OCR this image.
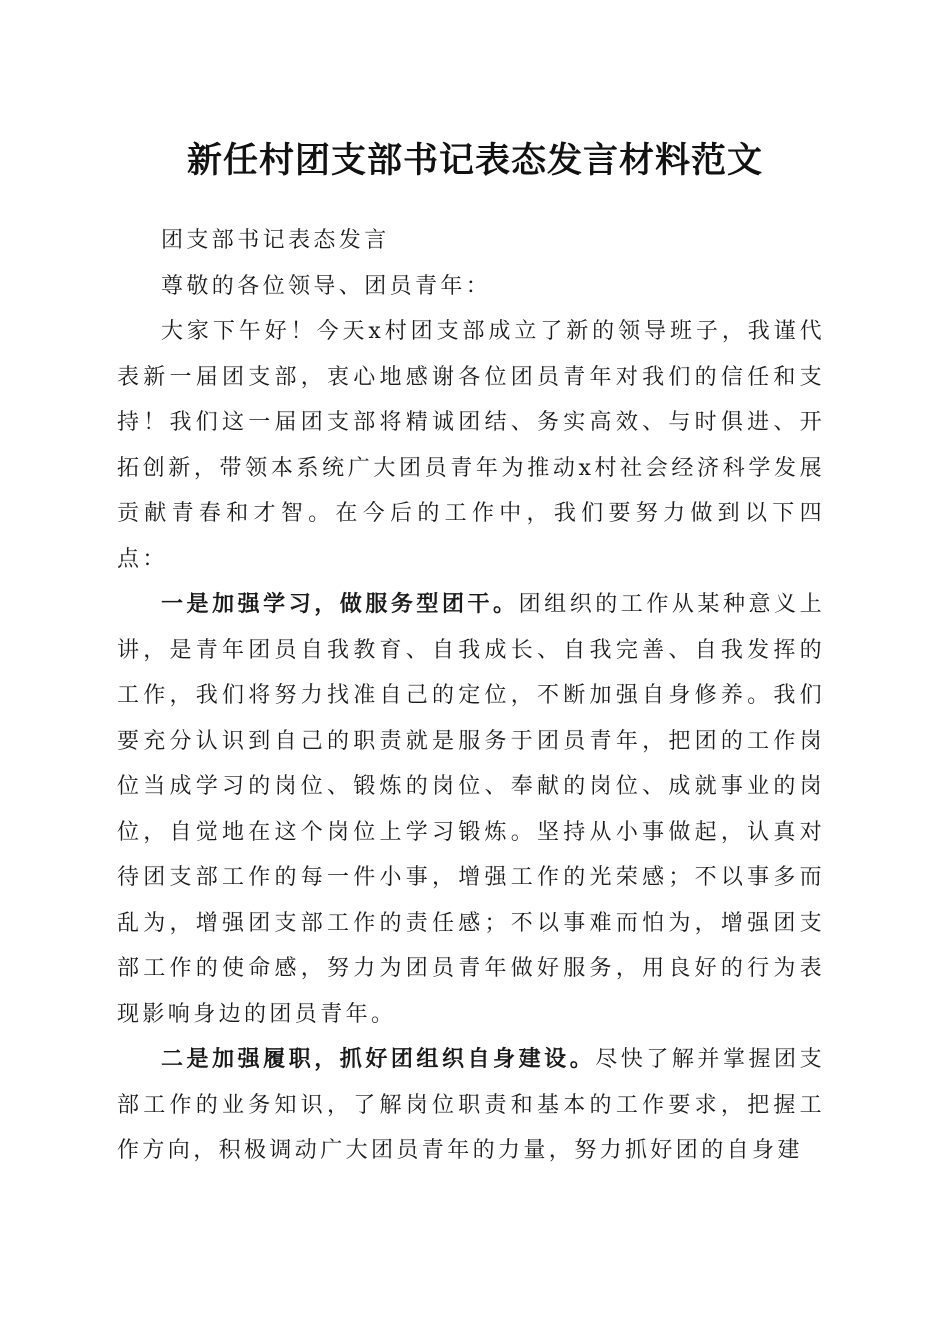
新任村团支部书记表态发言材料范文

团支部书记表态发言

尊敬的各位领导、团员青年：

大家下午好！今天x村团支部成立了新的领导班子，我谨代表新一届团支部，衷心地感谢各位团员青年对我们的信任和支持！我们这一届团支部将精诚团结、务实高效、与时俱进、开拓创新，带领本系统广大团员青年为推动x村社会经济科学发展贡献青春和才智。在今后的工作中，我们要努力做到以下四点：

一是加强学习，做服务型团干。团组织的工作从某种意义上讲，是青年团员自我教育、自我成长、自我完善、自我发挥的工作，我们将努力找准自己的定位，不断加强自身修养。我们要充分认识到自己的职责就是服务于团员青年，把团的工作岗位当成学习的岗位、锻炼的岗位、奉献的岗位、成就事业的岗位，自觉地在这个岗位上学习锻炼。坚持从小事做起，认真对待团支部工作的每一件小事，增强工作的光荣感；不以事多而乱为，增强团支部工作的责任感；不以事难而怕为，增强团支部工作的使命感，努力为团员青年做好服务，用良好的行为表现影响身边的团员青年。

二是加强履职，抓好团组织自身建设。尽快了解并掌握团支部工作的业务知识，了解岗位职责和基本的工作要求，把握工作方向，积极调动广大团员青年的力量，努力抓好团的自身建
